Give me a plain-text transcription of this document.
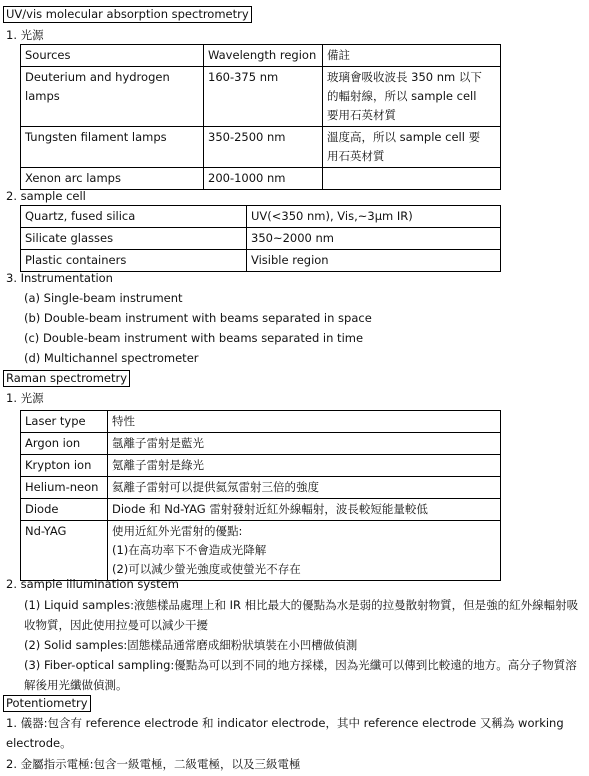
UV/vis molecular absorption spectrometry
1. 光源
Sources	Wavelength region	備註
Deuterium and hydrogen lamps	160-375 nm	玻璃會吸收波長 350 nm 以下
的輻射線，所以 sample cell
要用石英材質

Tungsten filament lamps	350-2500 nm	溫度高，所以 sample cell 要
用石英材質

Xenon arc lamps	200-1000 nm	
2. sample cell
Quartz, fused silica	UV(<350 nm), Vis,~3μm IR)
Silicate glasses	350~2000 nm
Plastic containers	Visible region
3. Instrumentation
(a) Single-beam instrument
(b) Double-beam instrument with beams separated in space
(c) Double-beam instrument with beams separated in time
(d) Multichannel spectrometer
Raman spectrometry
1. 光源
Laser type	特性
Argon ion	氬離子雷射是藍光
Krypton ion	氪離子雷射是綠光
Helium-neon	氦離子雷射可以提供氦氖雷射三倍的強度
Diode	Diode 和 Nd-YAG 雷射發射近紅外線輻射，波長較短能量較低
Nd-YAG	使用近紅外光雷射的優點:
(1)在高功率下不會造成光降解
(2)可以減少螢光強度或使螢光不存在
2. sample illumination system
(1) Liquid samples:液態樣品處理上和 IR 相比最大的優點為水是弱的拉曼散射物質，但是強的紅外線輻射吸收物質，因此使用拉曼可以減少干擾
(2) Solid samples:固態樣品通常磨成細粉狀填裝在小凹槽做偵測
(3) Fiber-optical sampling:優點為可以到不同的地方採樣，因為光纖可以傳到比較遠的地方。高分子物質溶解後用光纖做偵測。
Potentiometry
1. 儀器:包含有 reference electrode 和 indicator electrode，其中 reference electrode 又稱為 working electrode。
2. 金屬指示電極:包含一級電極，二級電極，以及三級電極
